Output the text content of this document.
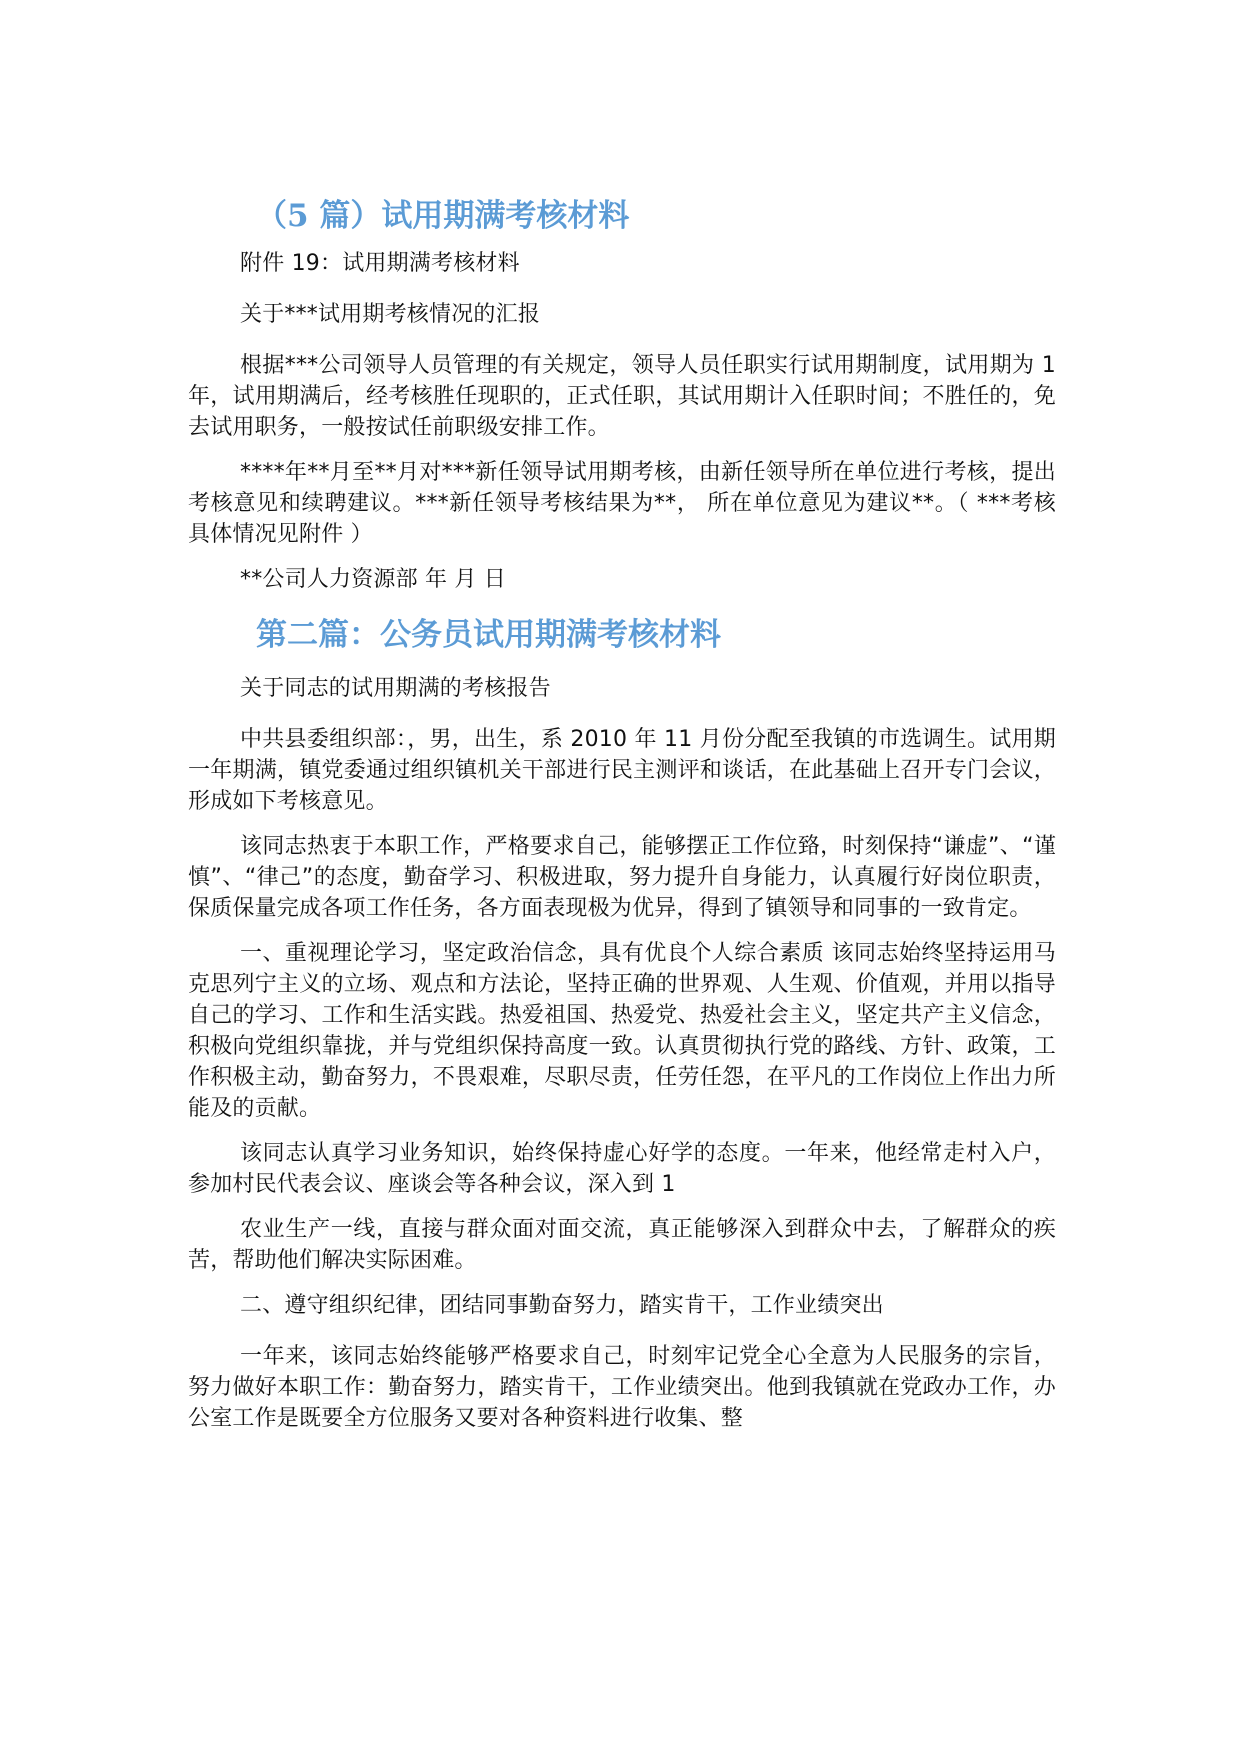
（5 篇）试用期满考核材料

附件 19：试用期满考核材料

关于***试用期考核情况的汇报

根据***公司领导人员管理的有关规定，领导人员任职实行试用期制度，试用期为 1 年，试用期满后，经考核胜任现职的，正式任职，其试用期计入任职时间；不胜任的，免去试用职务，一般按试任前职级安排工作。

****年**月至**月对***新任领导试用期考核，由新任领导所在单位进行考核，提出考核意见和续聘建议。***新任领导考核结果为**， 所在单位意见为建议**。（ ***考核具体情况见附件 ）

**公司人力资源部 年 月 日

第二篇：公务员试用期满考核材料

关于同志的试用期满的考核报告

中共县委组织部：，男，出生，系 2010 年 11 月份分配至我镇的市选调生。试用期一年期满，镇党委通过组织镇机关干部进行民主测评和谈话，在此基础上召开专门会议，形成如下考核意见。

该同志热衷于本职工作，严格要求自己，能够摆正工作位臵，时刻保持“谦虚”、“谨慎”、“律己”的态度，勤奋学习、积极进取，努力提升自身能力，认真履行好岗位职责，保质保量完成各项工作任务，各方面表现极为优异，得到了镇领导和同事的一致肯定。

一、重视理论学习，坚定政治信念，具有优良个人综合素质 该同志始终坚持运用马克思列宁主义的立场、观点和方法论，坚持正确的世界观、人生观、价值观，并用以指导自己的学习、工作和生活实践。热爱祖国、热爱党、热爱社会主义，坚定共产主义信念，积极向党组织靠拢，并与党组织保持高度一致。认真贯彻执行党的路线、方针、政策，工作积极主动，勤奋努力，不畏艰难，尽职尽责，任劳任怨，在平凡的工作岗位上作出力所能及的贡献。

该同志认真学习业务知识，始终保持虚心好学的态度。一年来，他经常走村入户，参加村民代表会议、座谈会等各种会议，深入到 1

农业生产一线，直接与群众面对面交流，真正能够深入到群众中去，了解群众的疾苦，帮助他们解决实际困难。

二、遵守组织纪律，团结同事勤奋努力，踏实肯干，工作业绩突出

一年来，该同志始终能够严格要求自己，时刻牢记党全心全意为人民服务的宗旨，努力做好本职工作：勤奋努力，踏实肯干，工作业绩突出。他到我镇就在党政办工作，办公室工作是既要全方位服务又要对各种资料进行收集、整
